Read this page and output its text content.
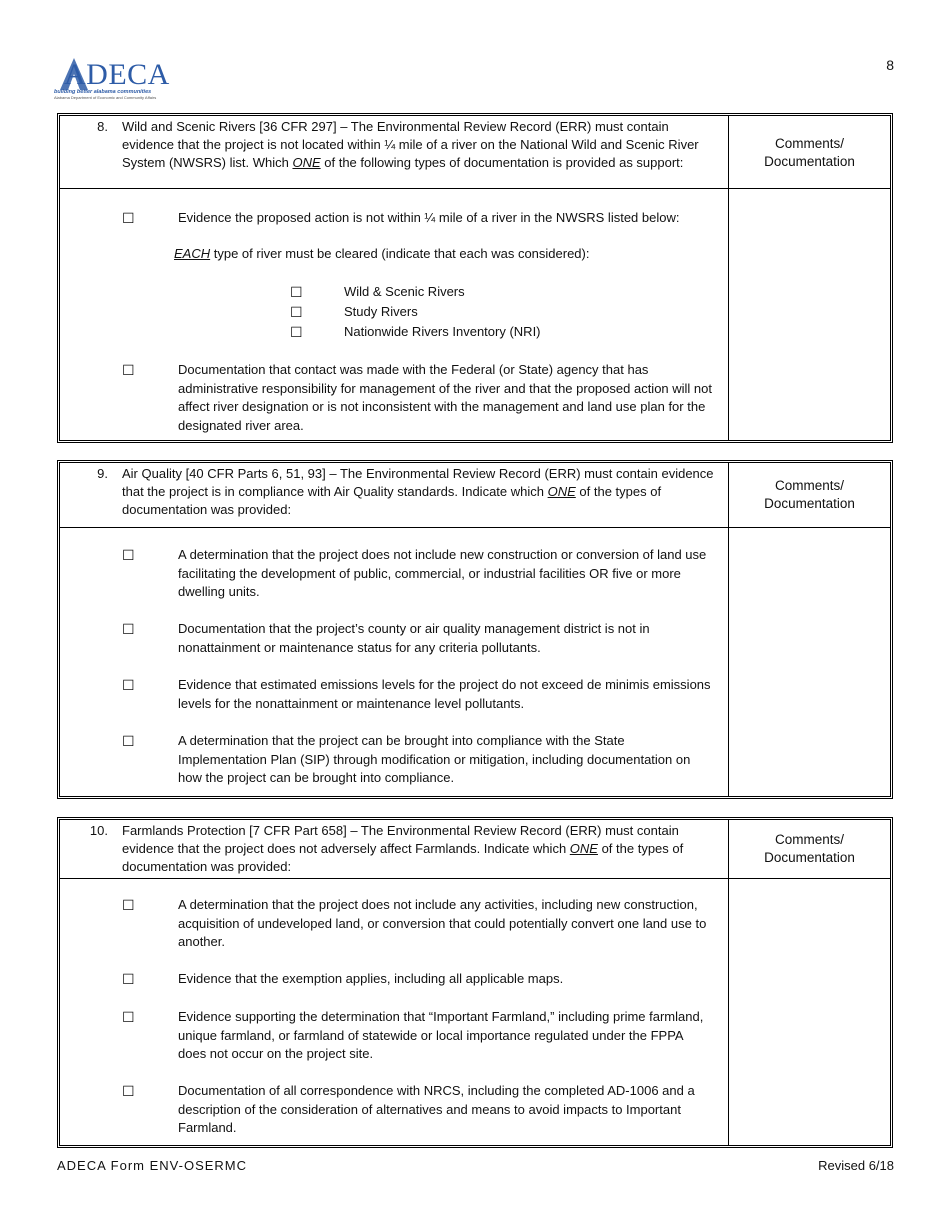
8
ADECA
building better alabama communities
Alabama Department of Economic and Community Affairs
8. Wild and Scenic Rivers [36 CFR 297] – The Environmental Review Record (ERR) must contain evidence that the project is not located within ¼ mile of a river on the National Wild and Scenic River System (NWSRS) list. Which ONE of the following types of documentation is provided as support:
Comments/ Documentation
☐	Evidence the proposed action is not within ¼ mile of a river in the NWSRS listed below:
EACH type of river must be cleared (indicate that each was considered):
☐	Wild & Scenic Rivers
☐	Study Rivers
☐	Nationwide Rivers Inventory (NRI)
☐	Documentation that contact was made with the Federal (or State) agency that has administrative responsibility for management of the river and that the proposed action will not affect river designation or is not inconsistent with the management and land use plan for the designated river area.
9. Air Quality [40 CFR Parts 6, 51, 93] – The Environmental Review Record (ERR) must contain evidence that the project is in compliance with Air Quality standards. Indicate which ONE of the types of documentation was provided:
Comments/ Documentation
☐	A determination that the project does not include new construction or conversion of land use facilitating the development of public, commercial, or industrial facilities OR five or more dwelling units.
☐	Documentation that the project’s county or air quality management district is not in nonattainment or maintenance status for any criteria pollutants.
☐	Evidence that estimated emissions levels for the project do not exceed de minimis emissions levels for the nonattainment or maintenance level pollutants.
☐	A determination that the project can be brought into compliance with the State Implementation Plan (SIP) through modification or mitigation, including documentation on how the project can be brought into compliance.
10. Farmlands Protection [7 CFR Part 658] – The Environmental Review Record (ERR) must contain evidence that the project does not adversely affect Farmlands. Indicate which ONE of the types of documentation was provided:
Comments/ Documentation
☐	A determination that the project does not include any activities, including new construction, acquisition of undeveloped land, or conversion that could potentially convert one land use to another.
☐	Evidence that the exemption applies, including all applicable maps.
☐	Evidence supporting the determination that “Important Farmland,” including prime farmland, unique farmland, or farmland of statewide or local importance regulated under the FPPA does not occur on the project site.
☐	Documentation of all correspondence with NRCS, including the completed AD-1006 and a description of the consideration of alternatives and means to avoid impacts to Important Farmland.
ADECA Form ENV-OSERMC	Revised 6/18
